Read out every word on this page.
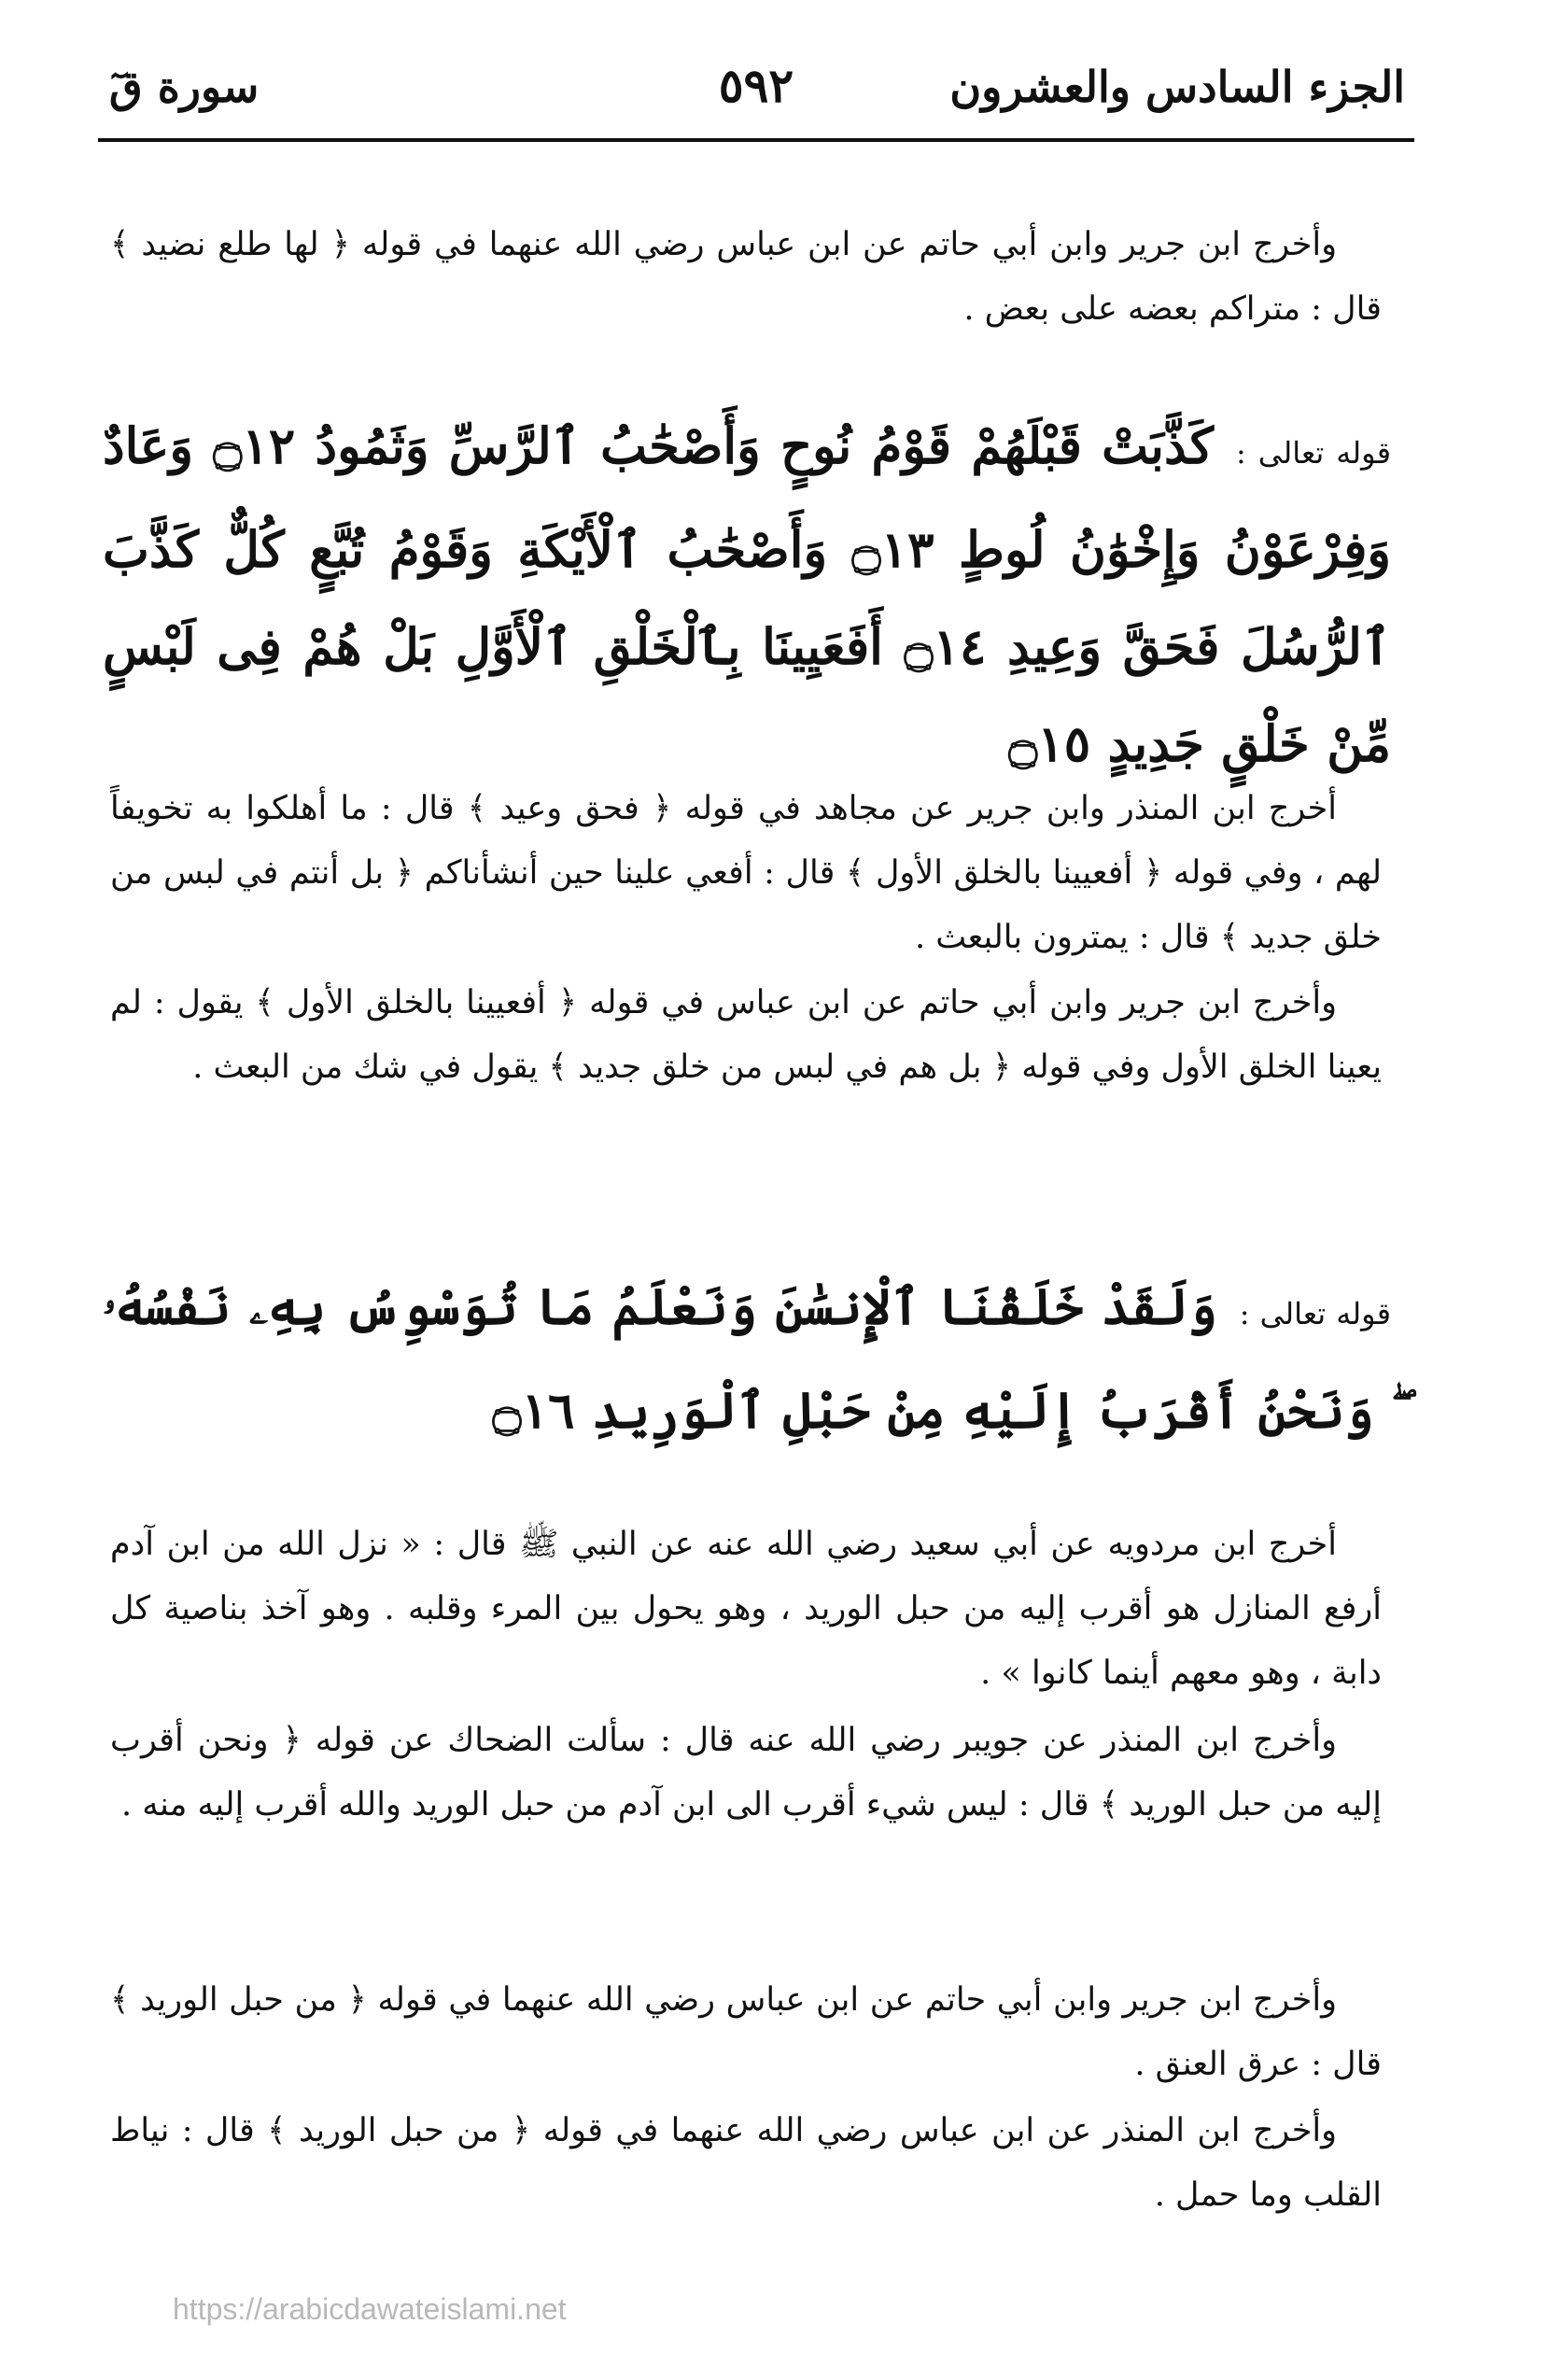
الجزء السادس والعشرون
٥٩٢
سورة قٓ
وأخرج ابن جرير وابن أبي حاتم عن ابن عباس رضي الله عنهما في قوله ﴿ لها طلع نضيد ﴾ قال : متراكم بعضه على بعض .
قوله تعالى :كَذَّبَتْ قَبْلَهُمْ قَوْمُ نُوحٍ وَأَصْحَٰبُ ٱلرَّسِّ وَثَمُودُ ۝١٢ وَعَادٌ وَفِرْعَوْنُ وَإِخْوَٰنُ لُوطٍ ۝١٣ وَأَصْحَٰبُ ٱلْأَيْكَةِ وَقَوْمُ تُبَّعٍ كُلٌّ كَذَّبَ ٱلرُّسُلَ فَحَقَّ وَعِيدِ ۝١٤ أَفَعَيِينَا بِٱلْخَلْقِ ٱلْأَوَّلِ بَلْ هُمْ فِى لَبْسٍ مِّنْ خَلْقٍ جَدِيدٍ ۝١٥
أخرج ابن المنذر وابن جرير عن مجاهد في قوله ﴿ فحق وعيد ﴾ قال : ما أهلكوا به تخويفاً لهم ، وفي قوله ﴿ أفعيينا بالخلق الأول ﴾ قال : أفعي علينا حين أنشأناكم ﴿ بل أنتم في لبس من خلق جديد ﴾ قال : يمترون بالبعث .
وأخرج ابن جرير وابن أبي حاتم عن ابن عباس في قوله ﴿ أفعيينا بالخلق الأول ﴾ يقول : لم يعينا الخلق الأول وفي قوله ﴿ بل هم في لبس من خلق جديد ﴾ يقول في شك من البعث .
قوله تعالى :وَلَقَدْ خَلَقْنَا ٱلْإِنسَٰنَ وَنَعْلَمُ مَا تُوَسْوِسُ بِهِۦ نَفْسُهُۥ ۖ وَنَحْنُ أَقْرَبُ إِلَيْهِ مِنْ حَبْلِ ٱلْوَرِيدِ ۝١٦
أخرج ابن مردويه عن أبي سعيد رضي الله عنه عن النبي ﷺ قال : « نزل الله من ابن آدم أرفع المنازل هو أقرب إليه من حبل الوريد ، وهو يحول بين المرء وقلبه . وهو آخذ بناصية كل دابة ، وهو معهم أينما كانوا » .
وأخرج ابن المنذر عن جويبر رضي الله عنه قال : سألت الضحاك عن قوله ﴿ ونحن أقرب إليه من حبل الوريد ﴾ قال : ليس شيء أقرب الى ابن آدم من حبل الوريد والله أقرب إليه منه .
وأخرج ابن جرير وابن أبي حاتم عن ابن عباس رضي الله عنهما في قوله ﴿ من حبل الوريد ﴾ قال : عرق العنق .
وأخرج ابن المنذر عن ابن عباس رضي الله عنهما في قوله ﴿ من حبل الوريد ﴾ قال : نياط القلب وما حمل .
https://arabicdawateislami.net
